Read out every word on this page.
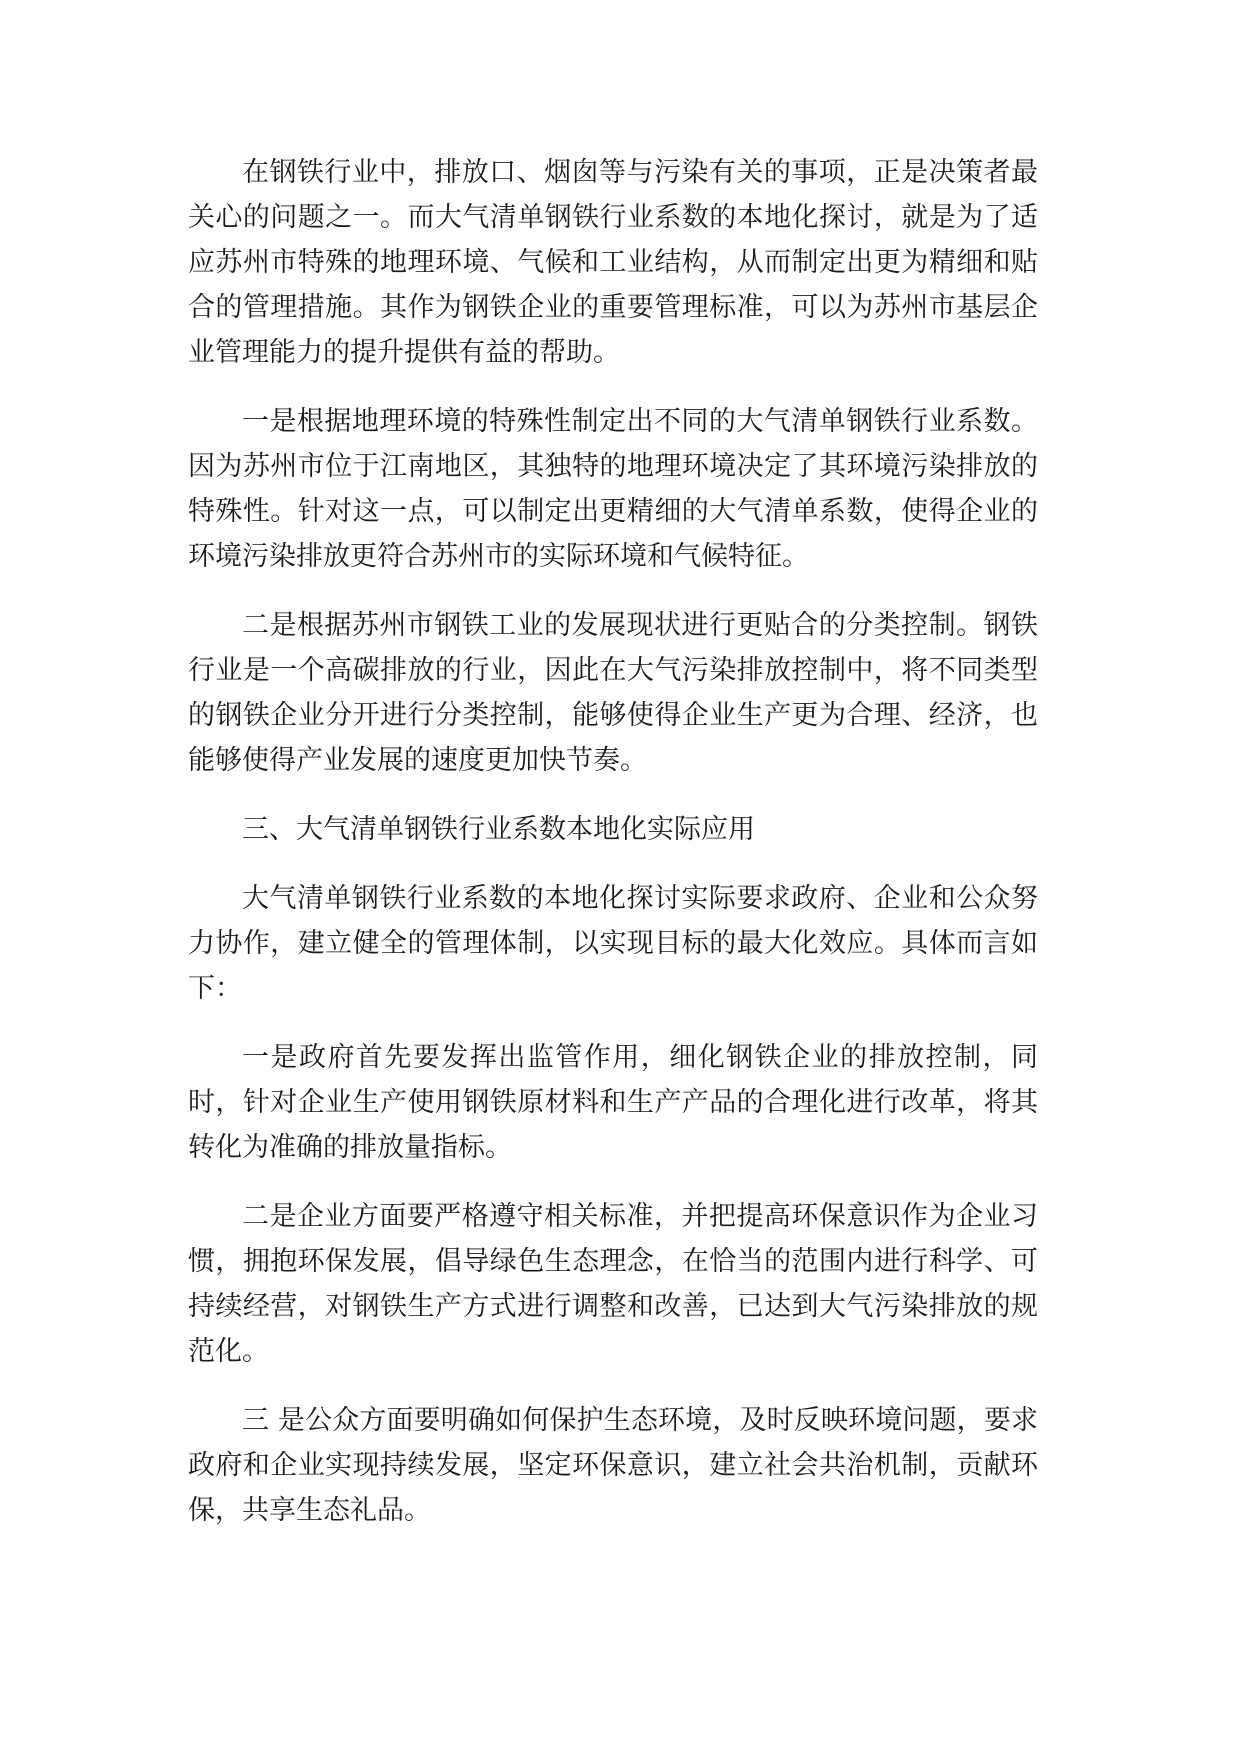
在钢铁行业中，排放口、烟囱等与污染有关的事项，正是决策者最关心的问题之一。而大气清单钢铁行业系数的本地化探讨，就是为了适应苏州市特殊的地理环境、气候和工业结构，从而制定出更为精细和贴合的管理措施。其作为钢铁企业的重要管理标准，可以为苏州市基层企业管理能力的提升提供有益的帮助。

一是根据地理环境的特殊性制定出不同的大气清单钢铁行业系数。因为苏州市位于江南地区，其独特的地理环境决定了其环境污染排放的特殊性。针对这一点，可以制定出更精细的大气清单系数，使得企业的环境污染排放更符合苏州市的实际环境和气候特征。

二是根据苏州市钢铁工业的发展现状进行更贴合的分类控制。钢铁行业是一个高碳排放的行业，因此在大气污染排放控制中，将不同类型的钢铁企业分开进行分类控制，能够使得企业生产更为合理、经济，也能够使得产业发展的速度更加快节奏。

三、大气清单钢铁行业系数本地化实际应用

大气清单钢铁行业系数的本地化探讨实际要求政府、企业和公众努力协作，建立健全的管理体制，以实现目标的最大化效应。具体而言如下：

一是政府首先要发挥出监管作用，细化钢铁企业的排放控制，同时，针对企业生产使用钢铁原材料和生产产品的合理化进行改革，将其转化为准确的排放量指标。

二是企业方面要严格遵守相关标准，并把提高环保意识作为企业习惯，拥抱环保发展，倡导绿色生态理念，在恰当的范围内进行科学、可持续经营，对钢铁生产方式进行调整和改善，已达到大气污染排放的规范化。

三 是公众方面要明确如何保护生态环境，及时反映环境问题，要求政府和企业实现持续发展，坚定环保意识，建立社会共治机制，贡献环保，共享生态礼品。
